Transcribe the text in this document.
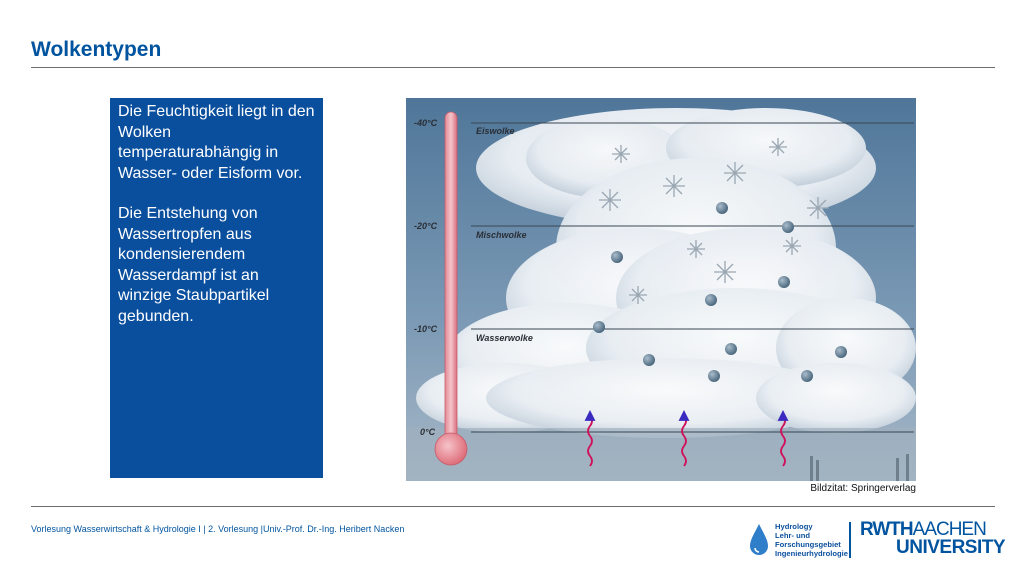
Wolkentypen

Die Feuchtigkeit liegt in den Wolken temperaturabhängig in Wasser- oder Eisform vor.

Die Entstehung von Wassertropfen aus kondensierendem Wasserdampf ist an winzige Staubpartikel gebunden.

-40°C
-20°C
-10°C
0°C
Eiswolke
Mischwolke
Wasserwolke
Bildzitat: Springerverlag
Vorlesung Wasserwirtschaft & Hydrologie I | 2. Vorlesung |Univ.-Prof. Dr.-Ing. Heribert Nacken	Hydrology
Lehr- und
Forschungsgebiet
Ingenieurhydrologie
RWTHAACHEN
UNIVERSITY
